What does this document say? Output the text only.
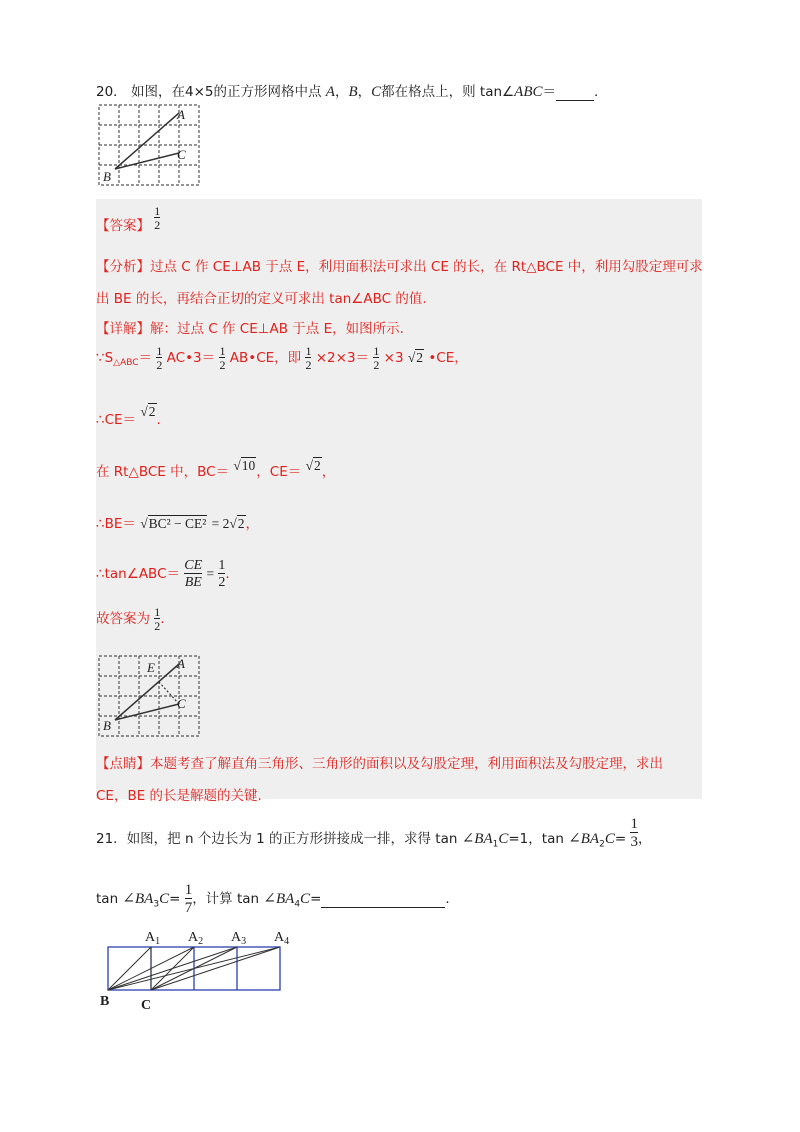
20． 如图，在4×5的正方形网格中点 A，B，C都在格点上，则 tan∠ABC＝	.
A
C
B
【答案】 $\frac{1}{2}$
【分析】过点 C 作 CE⊥AB 于点 E，利用面积法可求出 CE 的长，在 Rt△BCE 中，利用勾股定理可求
出 BE 的长，再结合正切的定义可求出 tan∠ABC 的值.
【详解】解：过点 C 作 CE⊥AB 于点 E，如图所示.
$\because S_{\triangle ABC}= \frac{1}{2}$ AC•3＝ $\frac{1}{2}$ AB•CE，即 $\frac{1}{2} \times 2\times 3= \frac{1}{2} \times 3$ √2 •CE，
∴CE＝ √2.
在 Rt△BCE 中，BC＝ √10，CE＝ √2，
∴BE＝ √BC² − CE² = 2√2，
∴tan∠ABC＝ $\frac{CE}{BE} = \frac{1}{2}$ .
故答案为 $\frac{1}{2}$ .
E A
C
B
【点睛】本题考查了解直角三角形、三角形的面积以及勾股定理，利用面积法及勾股定理，求出
CE，BE 的长是解题的关键.
21．如图，把 n 个边长为 1 的正方形拼接成一排，求得 $\tan \angle BA_1C=1$，$\tan \angle BA_2C= \frac{1}{3}$ ，
$\tan \angle BA_3C= \frac{1}{7}$ ，计算 $\tan \angle BA_4C=$	.
$A_1$ $A_2$ $A_3$ $A_4$
B C
